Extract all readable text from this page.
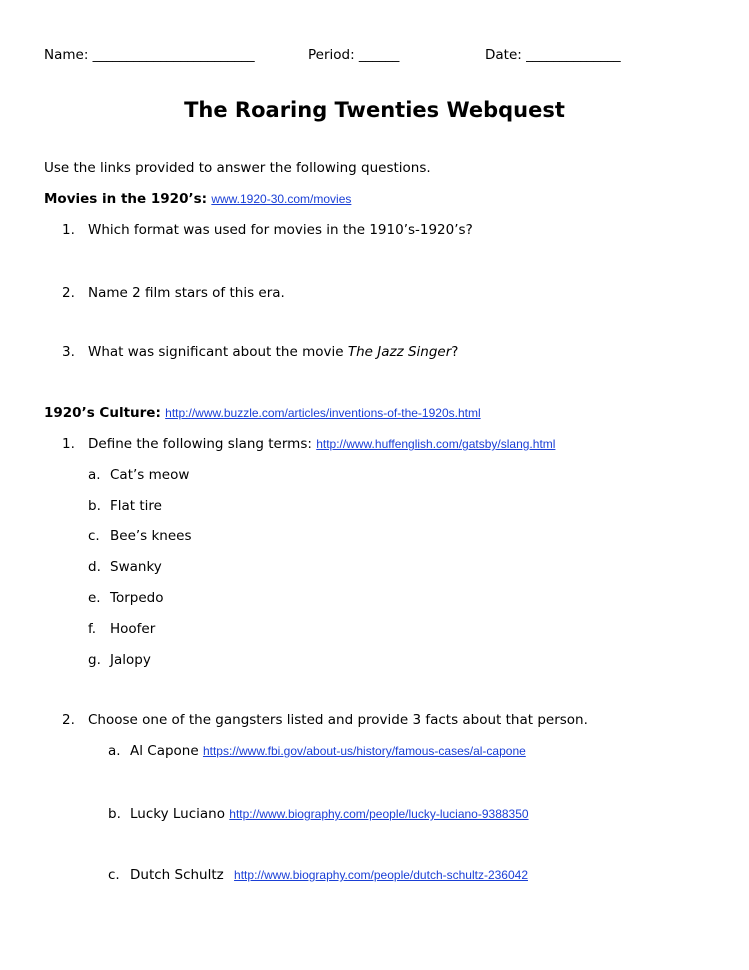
Name: ________________________	Period: ______	Date: ______________
The Roaring Twenties Webquest
Use the links provided to answer the following questions.
Movies in the 1920’s: www.1920-30.com/movies
1. Which format was used for movies in the 1910’s-1920’s?
2. Name 2 film stars of this era.
3. What was significant about the movie The Jazz Singer?
1920’s Culture: http://www.buzzle.com/articles/inventions-of-the-1920s.html
1. Define the following slang terms: http://www.huffenglish.com/gatsby/slang.html
a. Cat’s meow
b. Flat tire
c. Bee’s knees
d. Swanky
e. Torpedo
f. Hoofer
g. Jalopy
2. Choose one of the gangsters listed and provide 3 facts about that person.
a. Al Capone https://www.fbi.gov/about-us/history/famous-cases/al-capone
b. Lucky Luciano http://www.biography.com/people/lucky-luciano-9388350
c. Dutch Schultz http://www.biography.com/people/dutch-schultz-236042
